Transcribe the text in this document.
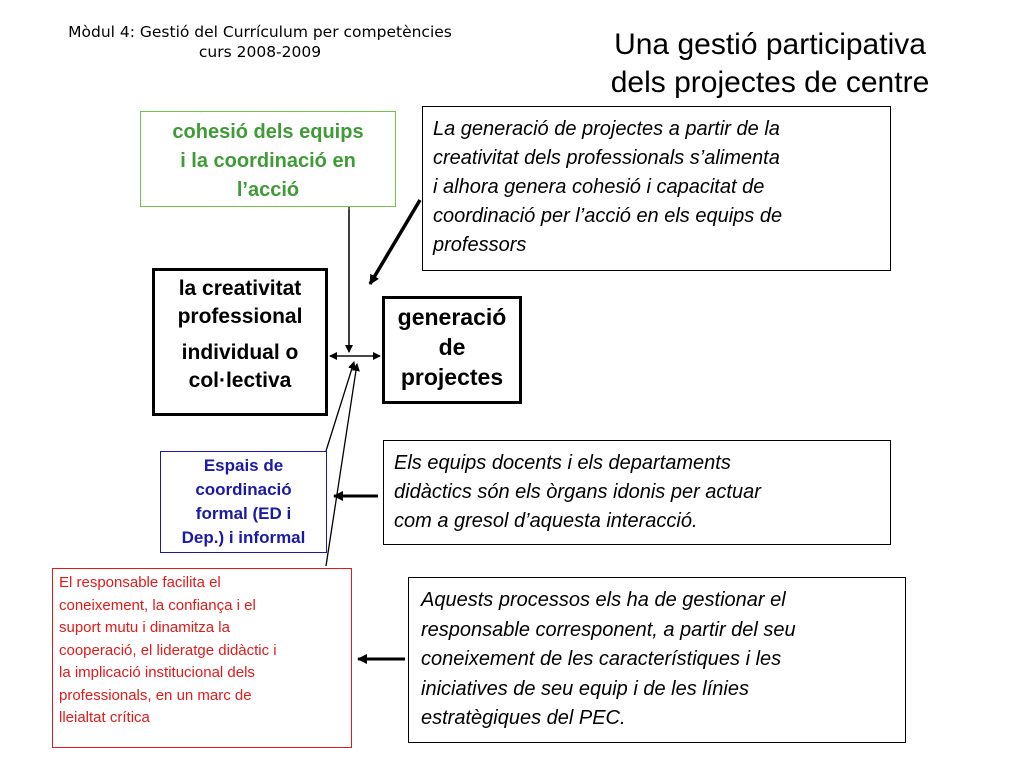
Mòdul 4: Gestió del Currículum per competències
curs 2008-2009	Una gestió participativa
dels projectes de centre
cohesió dels equips
i la coordinació en
l’acció
La generació de projectes a partir de la
creativitat dels professionals s’alimenta
i alhora genera cohesió i capacitat de
coordinació per l’acció en els equips de
professors
la creativitat
professional
individual o
col·lectiva
generació
de
projectes
Espais de
coordinació
formal (ED i
Dep.) i informal
Els equips docents i els departaments
didàctics són els òrgans idonis per actuar
com a gresol d’aquesta interacció.
El responsable facilita el
coneixement, la confiança i el
suport mutu i dinamitza la
cooperació, el lideratge didàctic i
la implicació institucional dels
professionals, en un marc de
lleialtat crítica
Aquests processos els ha de gestionar el
responsable corresponent, a partir del seu
coneixement de les característiques i les
iniciatives de seu equip i de les línies
estratègiques del PEC.
